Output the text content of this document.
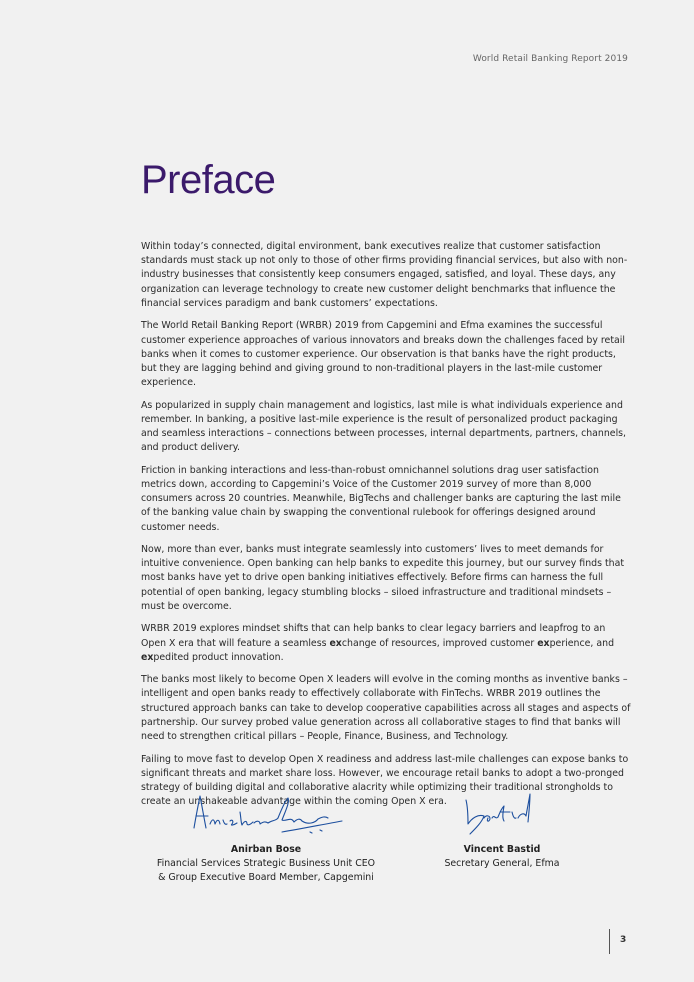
World Retail Banking Report 2019
Preface

Within today’s connected, digital environment, bank executives realize that customer satisfaction standards must stack up not only to those of other firms providing financial services, but also with non-industry businesses that consistently keep consumers engaged, satisfied, and loyal. These days, any organization can leverage technology to create new customer delight benchmarks that influence the financial services paradigm and bank customers’ expectations.

The World Retail Banking Report (WRBR) 2019 from Capgemini and Efma examines the successful customer experience approaches of various innovators and breaks down the challenges faced by retail banks when it comes to customer experience. Our observation is that banks have the right products, but they are lagging behind and giving ground to non-traditional players in the last-mile customer experience.

As popularized in supply chain management and logistics, last mile is what individuals experience and remember. In banking, a positive last-mile experience is the result of personalized product packaging and seamless interactions – connections between processes, internal departments, partners, channels, and product delivery.

Friction in banking interactions and less-than-robust omnichannel solutions drag user satisfaction metrics down, according to Capgemini’s Voice of the Customer 2019 survey of more than 8,000 consumers across 20 countries. Meanwhile, BigTechs and challenger banks are capturing the last mile of the banking value chain by swapping the conventional rulebook for offerings designed around customer needs.

Now, more than ever, banks must integrate seamlessly into customers’ lives to meet demands for intuitive convenience. Open banking can help banks to expedite this journey, but our survey finds that most banks have yet to drive open banking initiatives effectively. Before firms can harness the full potential of open banking, legacy stumbling blocks – siloed infrastructure and traditional mindsets – must be overcome.

WRBR 2019 explores mindset shifts that can help banks to clear legacy barriers and leapfrog to an Open X era that will feature a seamless exchange of resources, improved customer experience, and expedited product innovation.

The banks most likely to become Open X leaders will evolve in the coming months as inventive banks – intelligent and open banks ready to effectively collaborate with FinTechs. WRBR 2019 outlines the structured approach banks can take to develop cooperative capabilities across all stages and aspects of partnership. Our survey probed value generation across all collaborative stages to find that banks will need to strengthen critical pillars – People, Finance, Business, and Technology.

Failing to move fast to develop Open X readiness and address last-mile challenges can expose banks to significant threats and market share loss. However, we encourage retail banks to adopt a two-pronged strategy of building digital and collaborative alacrity while optimizing their traditional strongholds to create an unshakeable advantage within the coming Open X era.

Anirban Bose
Financial Services Strategic Business Unit CEO
& Group Executive Board Member, Capgemini
Vincent Bastid
Secretary General, Efma
3
